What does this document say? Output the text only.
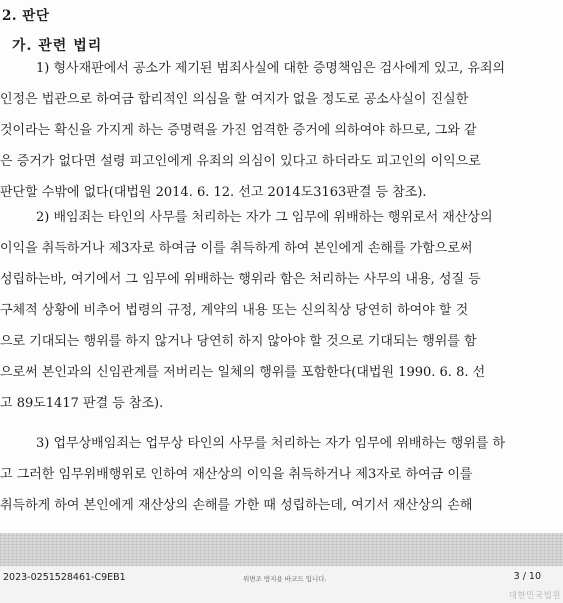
2. 판단
가. 관련 법리
1) 형사재판에서 공소가 제기된 범죄사실에 대한 증명책임은 검사에게 있고, 유죄의
인정은 법관으로 하여금 합리적인 의심을 할 여지가 없을 정도로 공소사실이 진실한
것이라는 확신을 가지게 하는 증명력을 가진 엄격한 증거에 의하여야 하므로, 그와 같
은 증거가 없다면 설령 피고인에게 유죄의 의심이 있다고 하더라도 피고인의 이익으로
판단할 수밖에 없다(대법원 2014. 6. 12. 선고 2014도3163판결 등 참조).
2) 배임죄는 타인의 사무를 처리하는 자가 그 임무에 위배하는 행위로서 재산상의
이익을 취득하거나 제3자로 하여금 이를 취득하게 하여 본인에게 손해를 가함으로써
성립하는바, 여기에서 그 임무에 위배하는 행위라 함은 처리하는 사무의 내용, 성질 등
구체적 상황에 비추어 법령의 규정, 계약의 내용 또는 신의칙상 당연히 하여야 할 것
으로 기대되는 행위를 하지 않거나 당연히 하지 않아야 할 것으로 기대되는 행위를 함
으로써 본인과의 신임관계를 저버리는 일체의 행위를 포함한다(대법원 1990. 6. 8. 선
고 89도1417 판결 등 참조).
3) 업무상배임죄는 업무상 타인의 사무를 처리하는 자가 임무에 위배하는 행위를 하
고 그러한 임무위배행위로 인하여 재산상의 이익을 취득하거나 제3자로 하여금 이를
취득하게 하여 본인에게 재산상의 손해를 가한 때 성립하는데, 여기서 재산상의 손해
2023-0251528461-C9EB1	위변조 방지용 바코드 입니다.	3 / 10
대한민국법원
